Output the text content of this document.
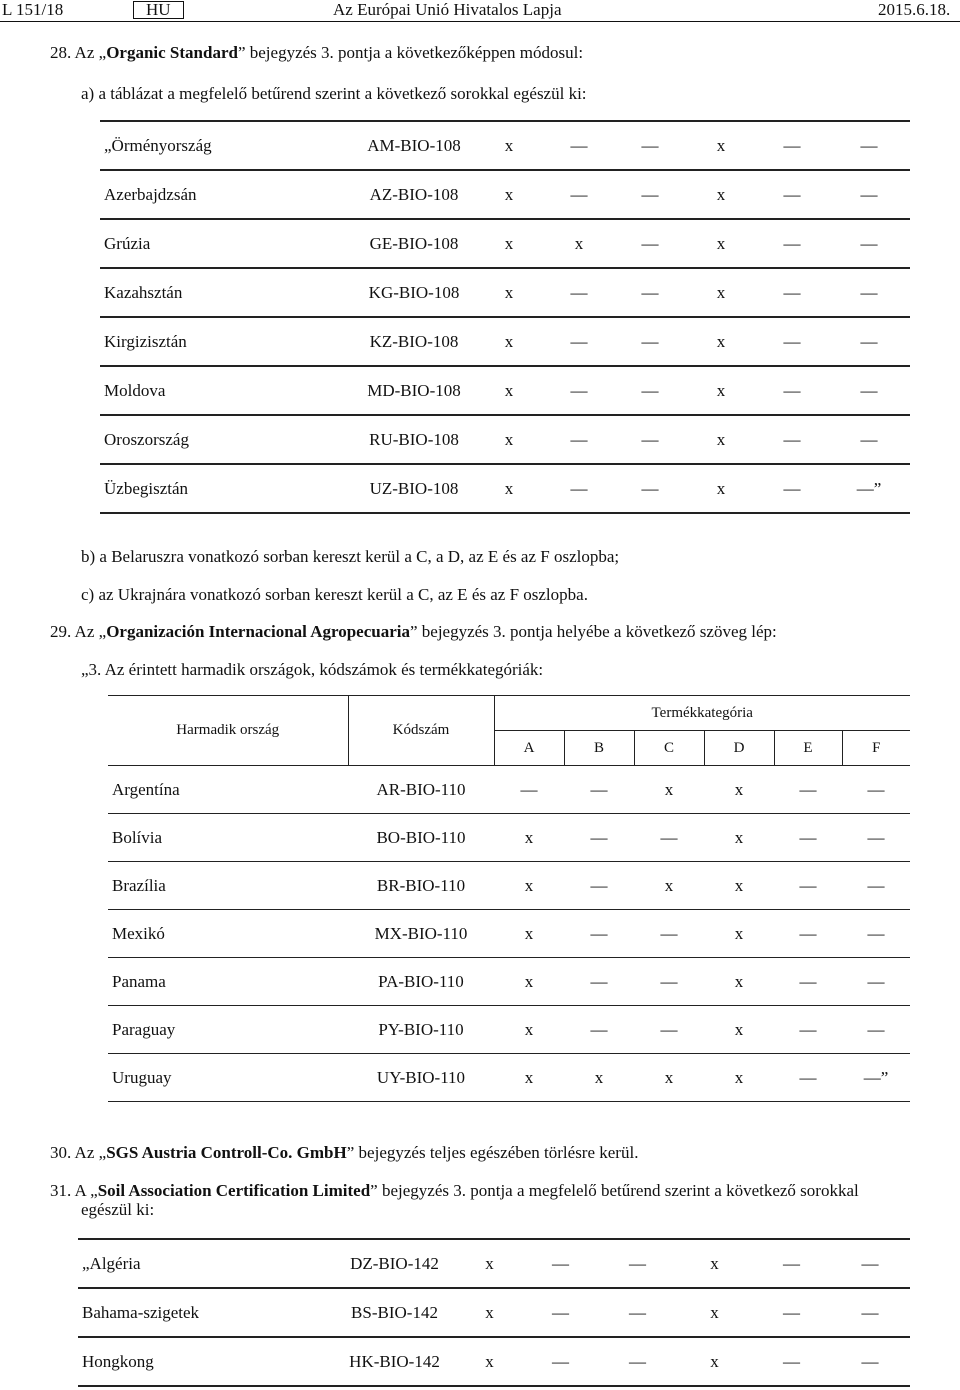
L 151/18	HU	Az Európai Unió Hivatalos Lapja	2015.6.18.
28. Az „Organic Standard” bejegyzés 3. pontja a következőképpen módosul:
a) a táblázat a megfelelő betűrend szerint a következő sorokkal egészül ki:

„Örményország	AM-BIO-108	x	—	—	x	—	—
Azerbajdzsán	AZ-BIO-108	x	—	—	x	—	—
Grúzia	GE-BIO-108	x	x	—	x	—	—
Kazahsztán	KG-BIO-108	x	—	—	x	—	—
Kirgizisztán	KZ-BIO-108	x	—	—	x	—	—
Moldova	MD-BIO-108	x	—	—	x	—	—
Oroszország	RU-BIO-108	x	—	—	x	—	—
Üzbegisztán	UZ-BIO-108	x	—	—	x	—	—”
b) a Belaruszra vonatkozó sorban kereszt kerül a C, a D, az E és az F oszlopba;
c) az Ukrajnára vonatkozó sorban kereszt kerül a C, az E és az F oszlopba.
29. Az „Organización Internacional Agropecuaria” bejegyzés 3. pontja helyébe a következő szöveg lép:
„3. Az érintett harmadik országok, kódszámok és termékkategóriák:
Harmadik ország	Kódszám	Termékkategória					
		A	B	C	D	E	F
Argentína	AR-BIO-110	—	—	x	x	—	—
Bolívia	BO-BIO-110	x	—	—	x	—	—
Brazília	BR-BIO-110	x	—	x	x	—	—
Mexikó	MX-BIO-110	x	—	—	x	—	—
Panama	PA-BIO-110	x	—	—	x	—	—
Paraguay	PY-BIO-110	x	—	—	x	—	—
Uruguay	UY-BIO-110	x	x	x	x	—	—”
30. Az „SGS Austria Controll-Co. GmbH” bejegyzés teljes egészében törlésre kerül.
31. A „Soil Association Certification Limited” bejegyzés 3. pontja a megfelelő betűrend szerint a következő sorokkal
egészül ki:

„Algéria	DZ-BIO-142	x	—	—	x	—	—
Bahama-szigetek	BS-BIO-142	x	—	—	x	—	—
Hongkong	HK-BIO-142	x	—	—	x	—	—
